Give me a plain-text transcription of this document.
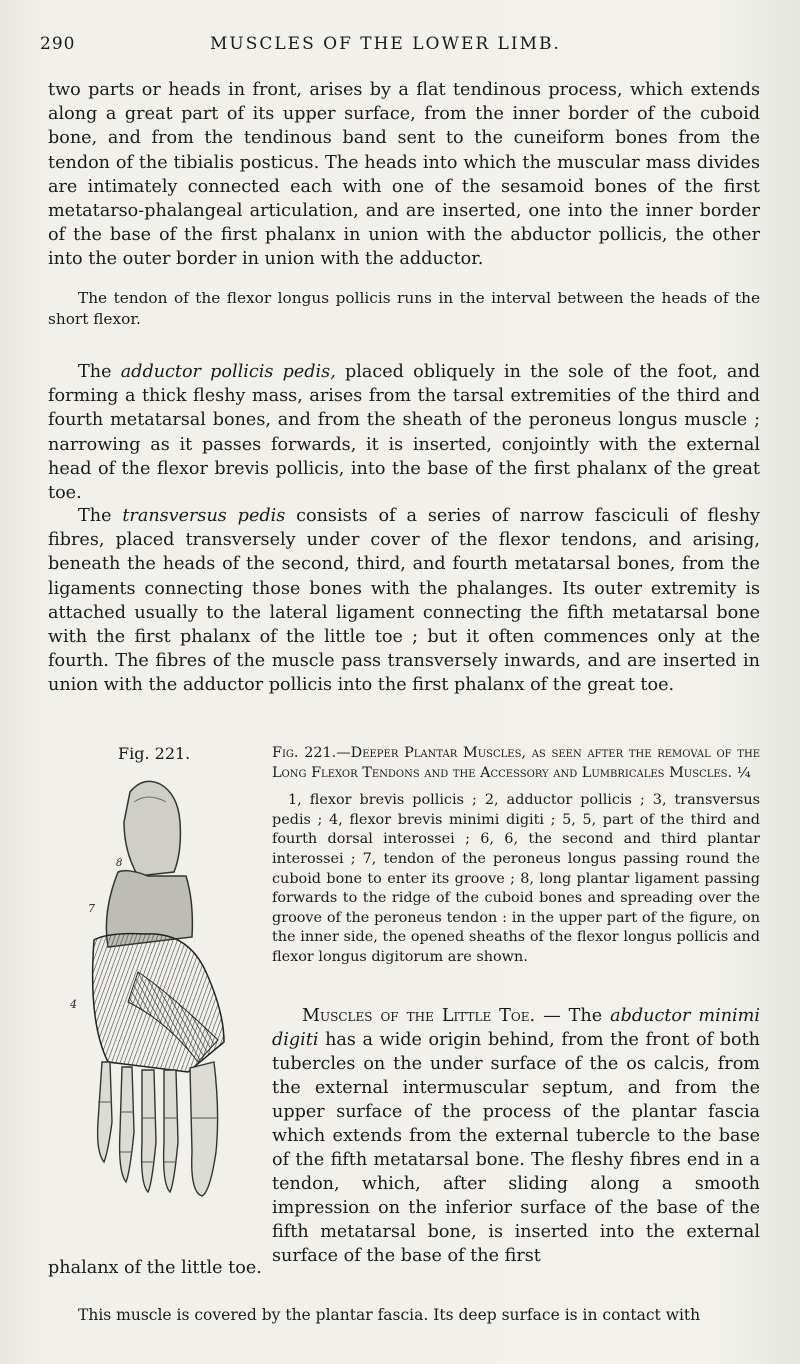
290	MUSCLES OF THE LOWER LIMB.

two parts or heads in front, arises by a flat tendinous process, which extends along a great part of its upper surface, from the inner border of the cuboid bone, and from the tendinous band sent to the cuneiform bones from the tendon of the tibialis posticus. The heads into which the muscular mass divides are intimately connected each with one of the sesamoid bones of the first metatarso-phalangeal articulation, and are inserted, one into the inner border of the base of the first phalanx in union with the abductor pollicis, the other into the outer border in union with the adductor.

The tendon of the flexor longus pollicis runs in the interval between the heads of the short flexor.

The adductor pollicis pedis, placed obliquely in the sole of the foot, and forming a thick fleshy mass, arises from the tarsal extremities of the third and fourth metatarsal bones, and from the sheath of the peroneus longus muscle ; narrowing as it passes forwards, it is inserted, conjointly with the external head of the flexor brevis pollicis, into the base of the first phalanx of the great toe.

The transversus pedis consists of a series of narrow fasciculi of fleshy fibres, placed transversely under cover of the flexor tendons, and arising, beneath the heads of the second, third, and fourth metatarsal bones, from the ligaments connecting those bones with the phalanges. Its outer extremity is attached usually to the lateral ligament connecting the fifth metatarsal bone with the first phalanx of the little toe ; but it often commences only at the fourth. The fibres of the muscle pass transversely inwards, and are inserted in union with the adductor pollicis into the first phalanx of the great toe.

Fig. 221.
8
7
4

Fig. 221.—Deeper Plantar Muscles, as seen after the removal of the Long Flexor Tendons and the Accessory and Lumbricales Muscles. ¼

1, flexor brevis pollicis ; 2, adductor pollicis ; 3, transversus pedis ; 4, flexor brevis minimi digiti ; 5, 5, part of the third and fourth dorsal interossei ; 6, 6, the second and third plantar interossei ; 7, tendon of the peroneus longus passing round the cuboid bone to enter its groove ; 8, long plantar ligament passing forwards to the ridge of the cuboid bones and spreading over the groove of the peroneus tendon : in the upper part of the figure, on the inner side, the opened sheaths of the flexor longus pollicis and flexor longus digitorum are shown.

Muscles of the Little Toe. — The abductor minimi digiti has a wide origin behind, from the front of both tubercles on the under surface of the os calcis, from the external intermuscular septum, and from the upper surface of the process of the plantar fascia which extends from the external tubercle to the base of the fifth metatarsal bone. The fleshy fibres end in a tendon, which, after sliding along a smooth impression on the inferior surface of the base of the fifth metatarsal bone, is inserted into the external surface of the base of the first

phalanx of the little toe.
This muscle is covered by the plantar fascia. Its deep surface is in contact with
